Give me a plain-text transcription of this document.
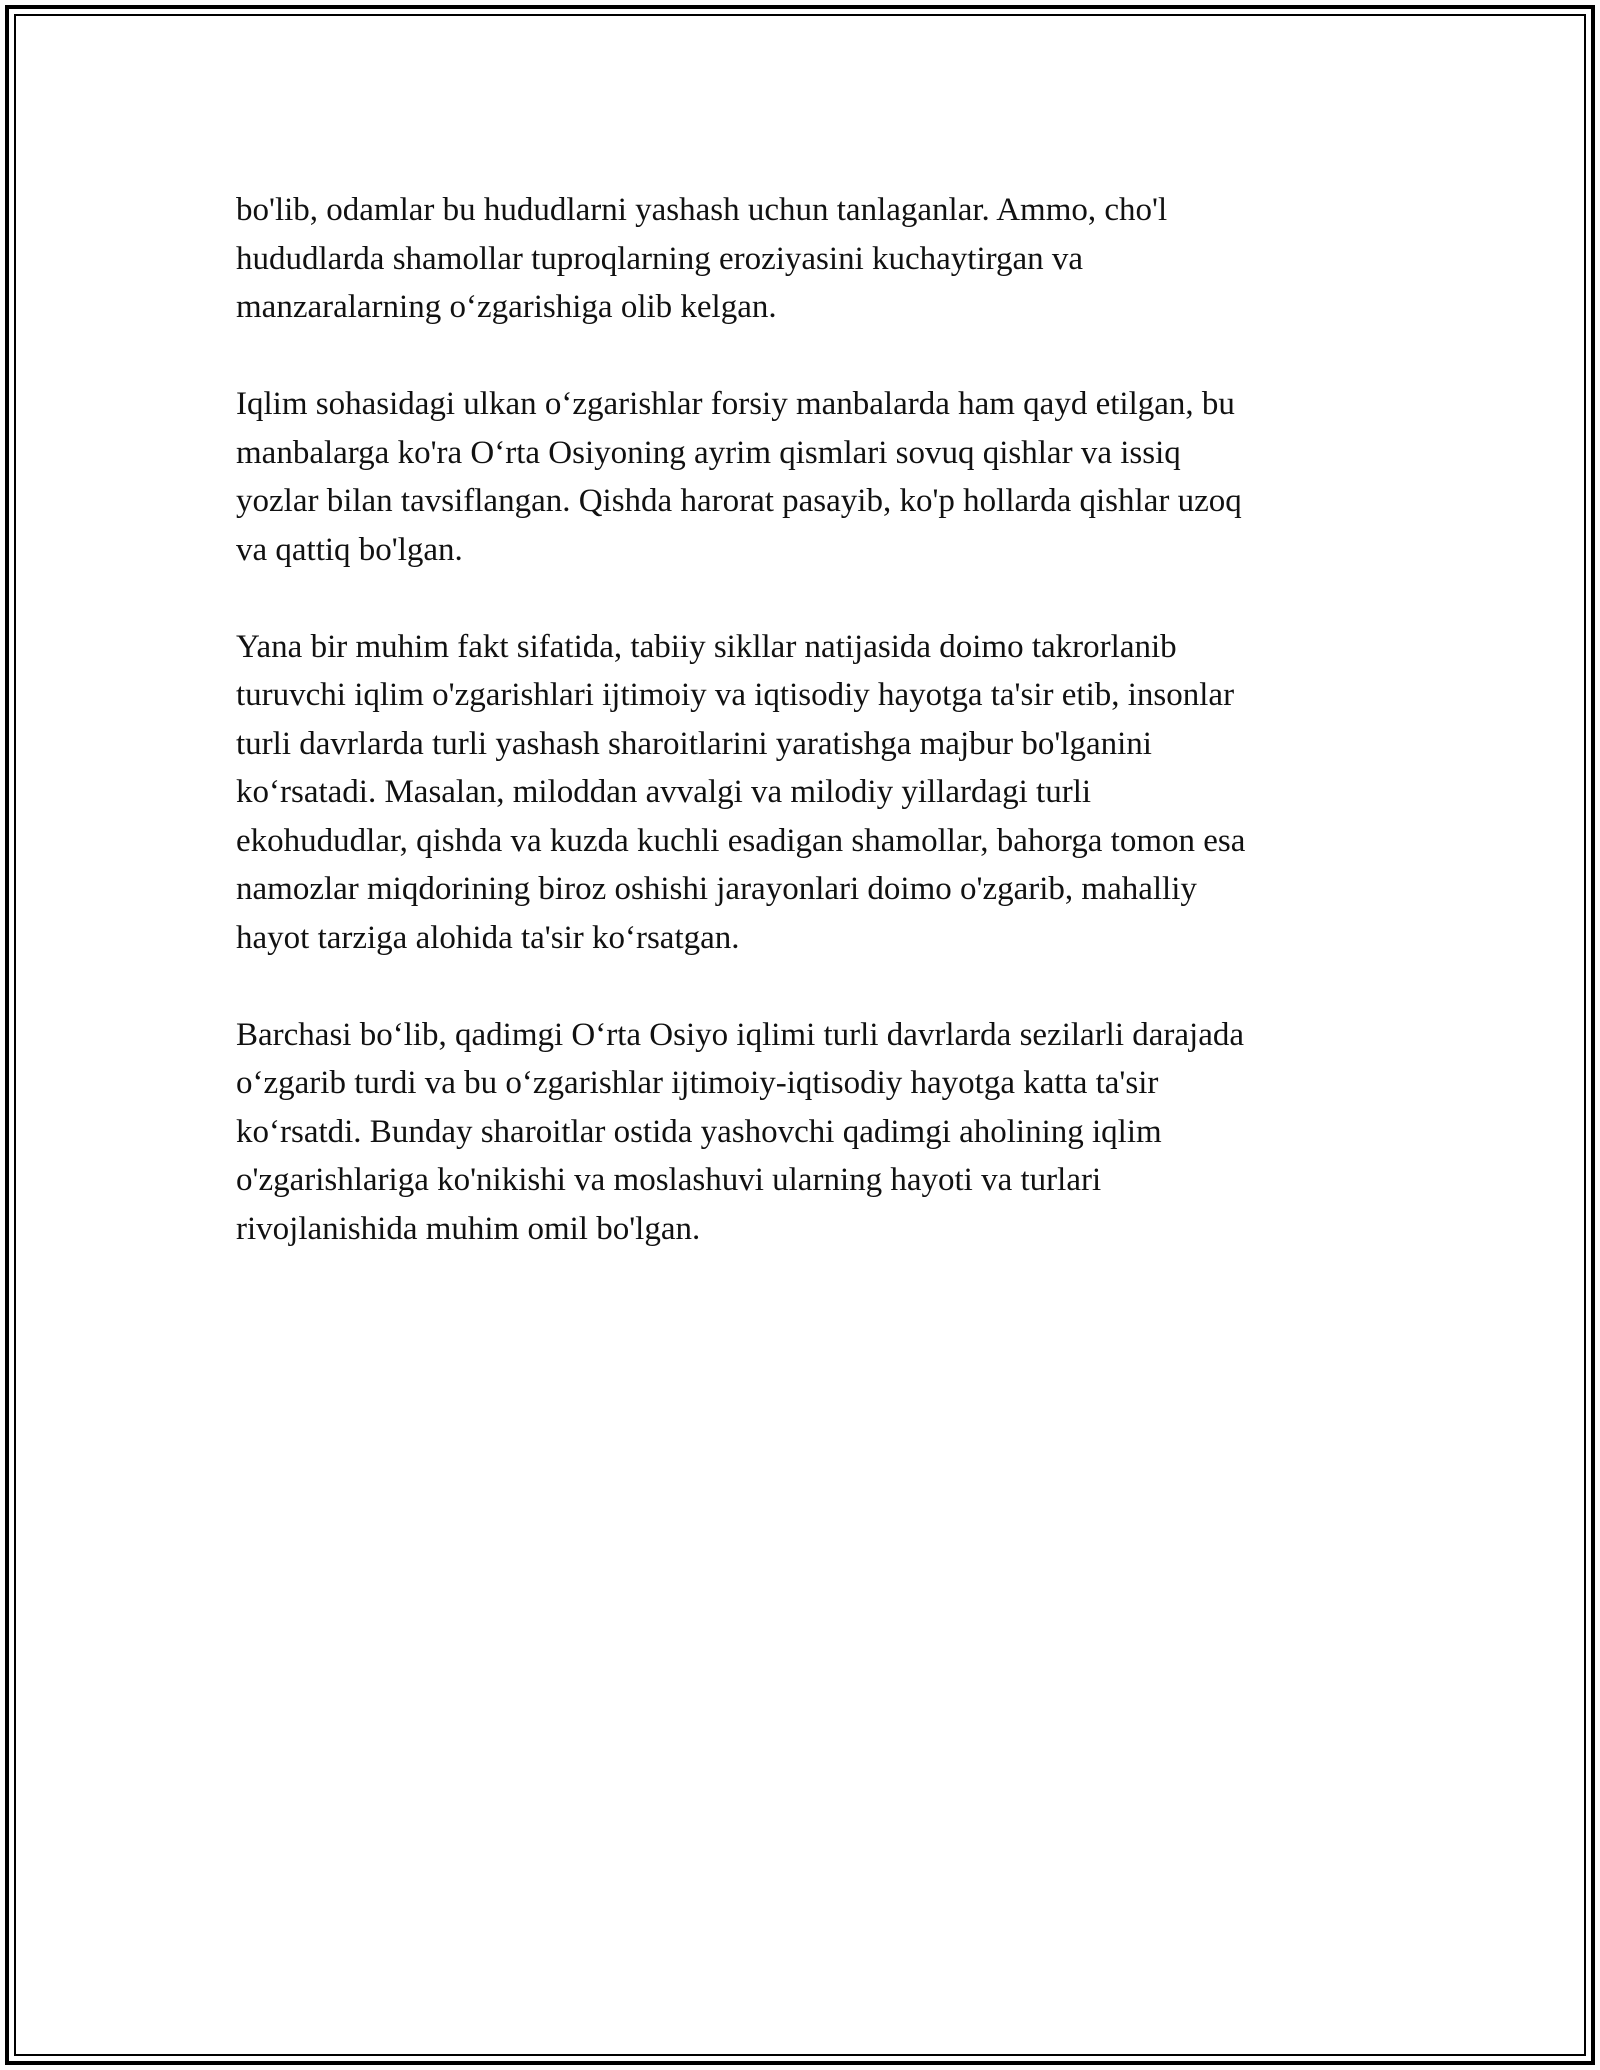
bo'lib, odamlar bu hududlarni yashash uchun tanlaganlar. Ammo, cho'l
hududlarda shamollar tuproqlarning eroziyasini kuchaytirgan va
manzaralarning o‘zgarishiga olib kelgan.

Iqlim sohasidagi ulkan o‘zgarishlar forsiy manbalarda ham qayd etilgan, bu
manbalarga ko'ra O‘rta Osiyoning ayrim qismlari sovuq qishlar va issiq
yozlar bilan tavsiflangan. Qishda harorat pasayib, ko'p hollarda qishlar uzoq
va qattiq bo'lgan.

Yana bir muhim fakt sifatida, tabiiy sikllar natijasida doimo takrorlanib
turuvchi iqlim o'zgarishlari ijtimoiy va iqtisodiy hayotga ta'sir etib, insonlar
turli davrlarda turli yashash sharoitlarini yaratishga majbur bo'lganini
ko‘rsatadi. Masalan, miloddan avvalgi va milodiy yillardagi turli
ekohududlar, qishda va kuzda kuchli esadigan shamollar, bahorga tomon esa
namozlar miqdorining biroz oshishi jarayonlari doimo o'zgarib, mahalliy
hayot tarziga alohida ta'sir ko‘rsatgan.

Barchasi bo‘lib, qadimgi O‘rta Osiyo iqlimi turli davrlarda sezilarli darajada
o‘zgarib turdi va bu o‘zgarishlar ijtimoiy-iqtisodiy hayotga katta ta'sir
ko‘rsatdi. Bunday sharoitlar ostida yashovchi qadimgi aholining iqlim
o'zgarishlariga ko'nikishi va moslashuvi ularning hayoti va turlari
rivojlanishida muhim omil bo'lgan.
